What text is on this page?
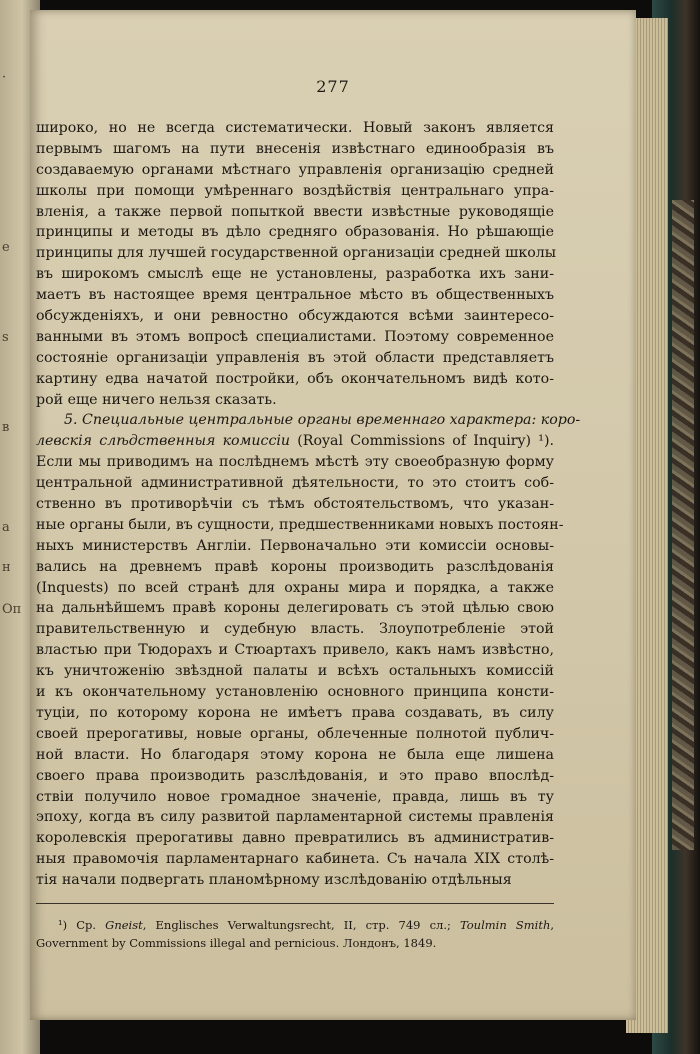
·
e
s
в
a
н
Oп
277
широко, но не всегда систематически. Новый законъ является
первымъ шагомъ на пути внесенія извѣстнаго единообразія въ
создаваемую органами мѣстнаго управленія организацію средней
школы при помощи умѣреннаго воздѣйствія центральнаго упра-
вленія, а также первой попыткой ввести извѣстные руководящіе
принципы и методы въ дѣло средняго образованія. Но рѣшающіе
принципы для лучшей государственной организаціи средней школы
въ широкомъ смыслѣ еще не установлены, разработка ихъ зани-
маетъ въ настоящее время центральное мѣсто въ общественныхъ
обсужденіяхъ, и они ревностно обсуждаются всѣми заинтересо-
ванными въ этомъ вопросѣ специалистами. Поэтому современное
состояніе организаціи управленія въ этой области представляетъ
картину едва начатой постройки, объ окончательномъ видѣ кото-
рой еще ничего нельзя сказать.
5. Специальные центральные органы временнаго характера: коро-
левскія слѣдственныя комиссіи (Royal Commissions of Inquiry) ¹).
Если мы приводимъ на послѣднемъ мѣстѣ эту своеобразную форму
центральной административной дѣятельности, то это стоитъ соб-
ственно въ противорѣчіи съ тѣмъ обстоятельствомъ, что указан-
ные органы были, въ сущности, предшественниками новыхъ постоян-
ныхъ министерствъ Англіи. Первоначально эти комиссіи основы-
вались на древнемъ правѣ короны производить разслѣдованія
(Inquests) по всей странѣ для охраны мира и порядка, а также
на дальнѣйшемъ правѣ короны делегировать съ этой цѣлью свою
правительственную и судебную власть. Злоупотребленіе этой
властью при Тюдорахъ и Стюартахъ привело, какъ намъ извѣстно,
къ уничтоженію звѣздной палаты и всѣхъ остальныхъ комиссій
и къ окончательному установленію основного принципа консти-
туціи, по которому корона не имѣетъ права создавать, въ силу
своей прерогативы, новые органы, облеченные полнотой публич-
ной власти. Но благодаря этому корона не была еще лишена
своего права производить разслѣдованія, и это право впослѣд-
ствіи получило новое громадное значеніе, правда, лишь въ ту
эпоху, когда въ силу развитой парламентарной системы правленія
королевскія прерогативы давно превратились въ административ-
ныя правомочія парламентарнаго кабинета. Съ начала XIX столѣ-
тія начали подвергать планомѣрному изслѣдованію отдѣльныя
¹) Ср. Gneist, Englisches Verwaltungsrecht, II, стр. 749 сл.; Toulmin Smith,
Government by Commissions illegal and pernicious. Лондонъ, 1849.
